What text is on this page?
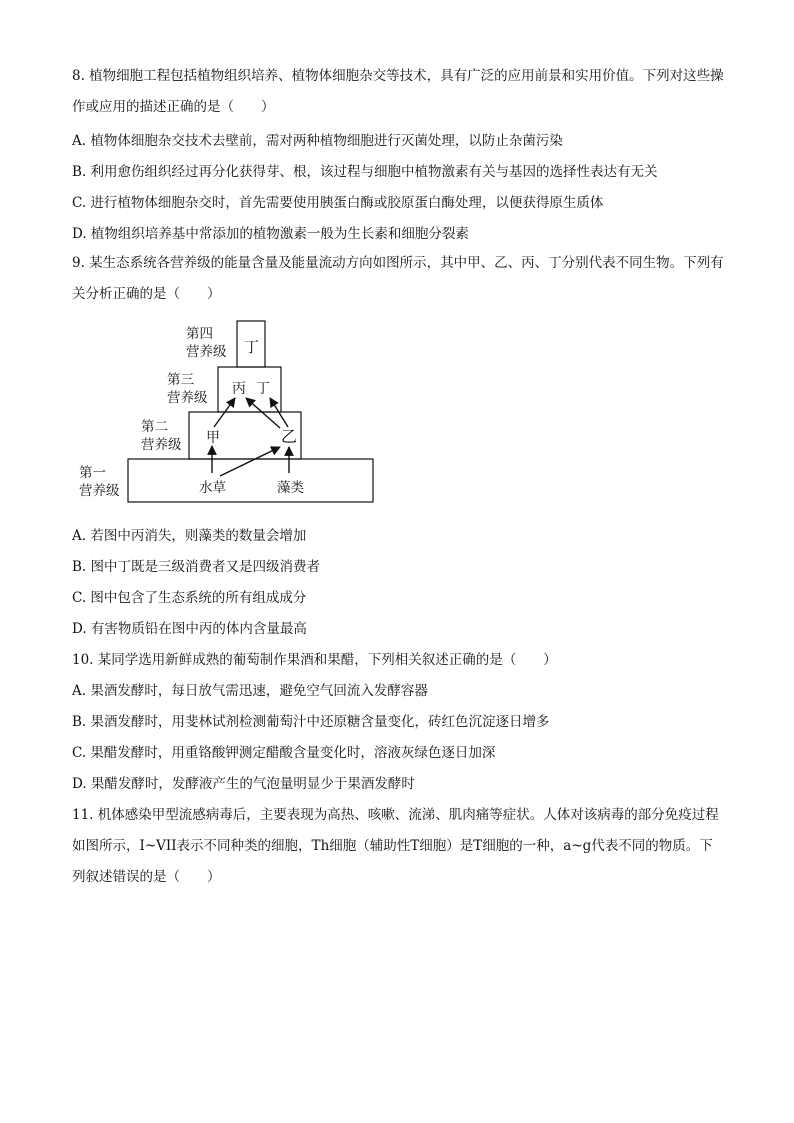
8. 植物细胞工程包括植物组织培养、植物体细胞杂交等技术，具有广泛的应用前景和实用价值。下列对这些操作或应用的描述正确的是（　　）
A. 植物体细胞杂交技术去壁前，需对两种植物细胞进行灭菌处理，以防止杂菌污染
B. 利用愈伤组织经过再分化获得芽、根，该过程与细胞中植物激素有关与基因的选择性表达有无关
C. 进行植物体细胞杂交时，首先需要使用胰蛋白酶或胶原蛋白酶处理，以便获得原生质体
D. 植物组织培养基中常添加的植物激素一般为生长素和细胞分裂素
9. 某生态系统各营养级的能量含量及能量流动方向如图所示，其中甲、乙、丙、丁分别代表不同生物。下列有关分析正确的是（　　）
第四
营养级
第三
营养级
第二
营养级
第一
营养级
丁
丙 丁
甲	乙
水草	藻类
A. 若图中丙消失，则藻类的数量会增加
B. 图中丁既是三级消费者又是四级消费者
C. 图中包含了生态系统的所有组成成分
D. 有害物质铅在图中丙的体内含量最高
10. 某同学选用新鲜成熟的葡萄制作果酒和果醋，下列相关叙述正确的是（　　）
A. 果酒发酵时，每日放气需迅速，避免空气回流入发酵容器
B. 果酒发酵时，用斐林试剂检测葡萄汁中还原糖含量变化，砖红色沉淀逐日增多
C. 果醋发酵时，用重铬酸钾测定醋酸含量变化时，溶液灰绿色逐日加深
D. 果醋发酵时，发酵液产生的气泡量明显少于果酒发酵时
11. 机体感染甲型流感病毒后，主要表现为高热、咳嗽、流涕、肌肉痛等症状。人体对该病毒的部分免疫过程如图所示，I~VII表示不同种类的细胞，Th细胞（辅助性T细胞）是T细胞的一种，a~g代表不同的物质。下列叙述错误的是（　　）
